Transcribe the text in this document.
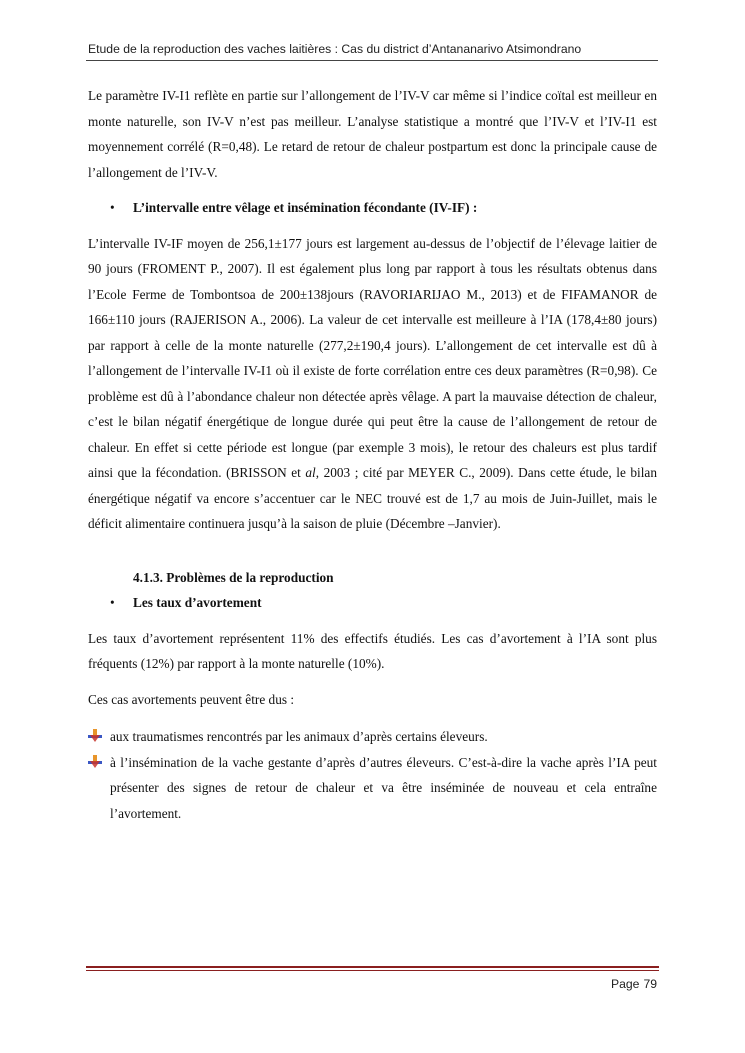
Etude de la reproduction des vaches laitières : Cas du district d’Antananarivo Atsimondrano

Le paramètre IV-I1 reflète en partie sur l’allongement de l’IV-V car même si l’indice coïtal est meilleur en monte naturelle, son IV-V n’est pas meilleur. L’analyse statistique a montré que l’IV-V et l’IV-I1 est moyennement corrélé (R=0,48). Le retard de retour de chaleur postpartum est donc la principale cause de l’allongement de l’IV-V.

• L’intervalle entre vêlage et insémination fécondante (IV-IF) :

L’intervalle IV-IF moyen de 256,1±177 jours est largement au-dessus de l’objectif de l’élevage laitier de 90 jours (FROMENT P., 2007). Il est également plus long par rapport à tous les résultats obtenus dans l’Ecole Ferme de Tombontsoa de 200±138jours (RAVORIARIJAO M., 2013) et de FIFAMANOR de 166±110 jours (RAJERISON A., 2006). La valeur de cet intervalle est meilleure à l’IA (178,4±80 jours) par rapport à celle de la monte naturelle (277,2±190,4 jours). L’allongement de cet intervalle est dû à l’allongement de l’intervalle IV-I1 où il existe de forte corrélation entre ces deux paramètres (R=0,98). Ce problème est dû à l’abondance chaleur non détectée après vêlage. A part la mauvaise détection de chaleur, c’est le bilan négatif énergétique de longue durée qui peut être la cause de l’allongement de retour de chaleur. En effet si cette période est longue (par exemple 3 mois), le retour des chaleurs est plus tardif ainsi que la fécondation. (BRISSON et al, 2003 ; cité par MEYER C., 2009). Dans cette étude, le bilan énergétique négatif va encore s’accentuer car le NEC trouvé est de 1,7 au mois de Juin-Juillet, mais le déficit alimentaire continuera jusqu’à la saison de pluie (Décembre –Janvier).

4.1.3. Problèmes de la reproduction

• Les taux d’avortement

Les taux d’avortement représentent 11% des effectifs étudiés. Les cas d’avortement à l’IA sont plus fréquents (12%) par rapport à la monte naturelle (10%).

Ces cas avortements peuvent être dus :

aux traumatismes rencontrés par les animaux d’après certains éleveurs.
à l’insémination de la vache gestante d’après d’autres éleveurs. C’est-à-dire la vache après l’IA peut présenter des signes de retour de chaleur et va être inséminée de nouveau et cela entraîne l’avortement.
Page 79
